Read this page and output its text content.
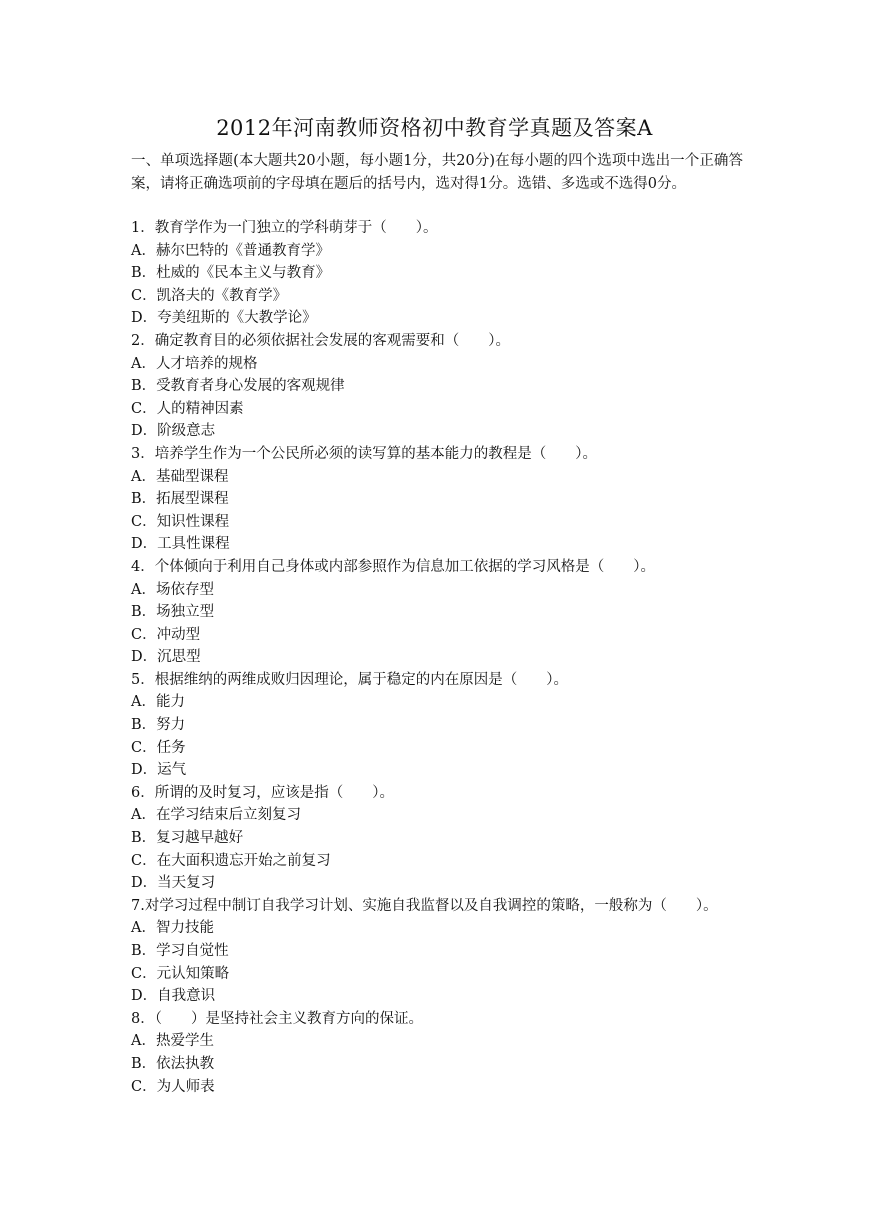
2012年河南教师资格初中教育学真题及答案A
一、单项选择题(本大题共20小题，每小题1分，共20分)在每小题的四个选项中选出一个正确答案，请将正确选项前的字母填在题后的括号内，选对得1分。选错、多选或不选得0分。
1．教育学作为一门独立的学科萌芽于（　　）。
A．赫尔巴特的《普通教育学》
B．杜威的《民本主义与教育》
C．凯洛夫的《教育学》
D．夸美纽斯的《大教学论》
2．确定教育目的必须依据社会发展的客观需要和（　　）。
A．人才培养的规格
B．受教育者身心发展的客观规律
C．人的精神因素
D．阶级意志
3．培养学生作为一个公民所必须的读写算的基本能力的教程是（　　）。
A．基础型课程
B．拓展型课程
C．知识性课程
D．工具性课程
4．个体倾向于利用自己身体或内部参照作为信息加工依据的学习风格是（　　）。
A．场依存型
B．场独立型
C．冲动型
D．沉思型
5．根据维纳的两维成败归因理论，属于稳定的内在原因是（　　）。
A．能力
B．努力
C．任务
D．运气
6．所谓的及时复习，应该是指（　　）。
A．在学习结束后立刻复习
B．复习越早越好
C．在大面积遗忘开始之前复习
D．当天复习
7.对学习过程中制订自我学习计划、实施自我监督以及自我调控的策略，一般称为（　　）。
A．智力技能
B．学习自觉性
C．元认知策略
D．自我意识
8．（　　）是坚持社会主义教育方向的保证。
A．热爱学生
B．依法执教
C．为人师表
